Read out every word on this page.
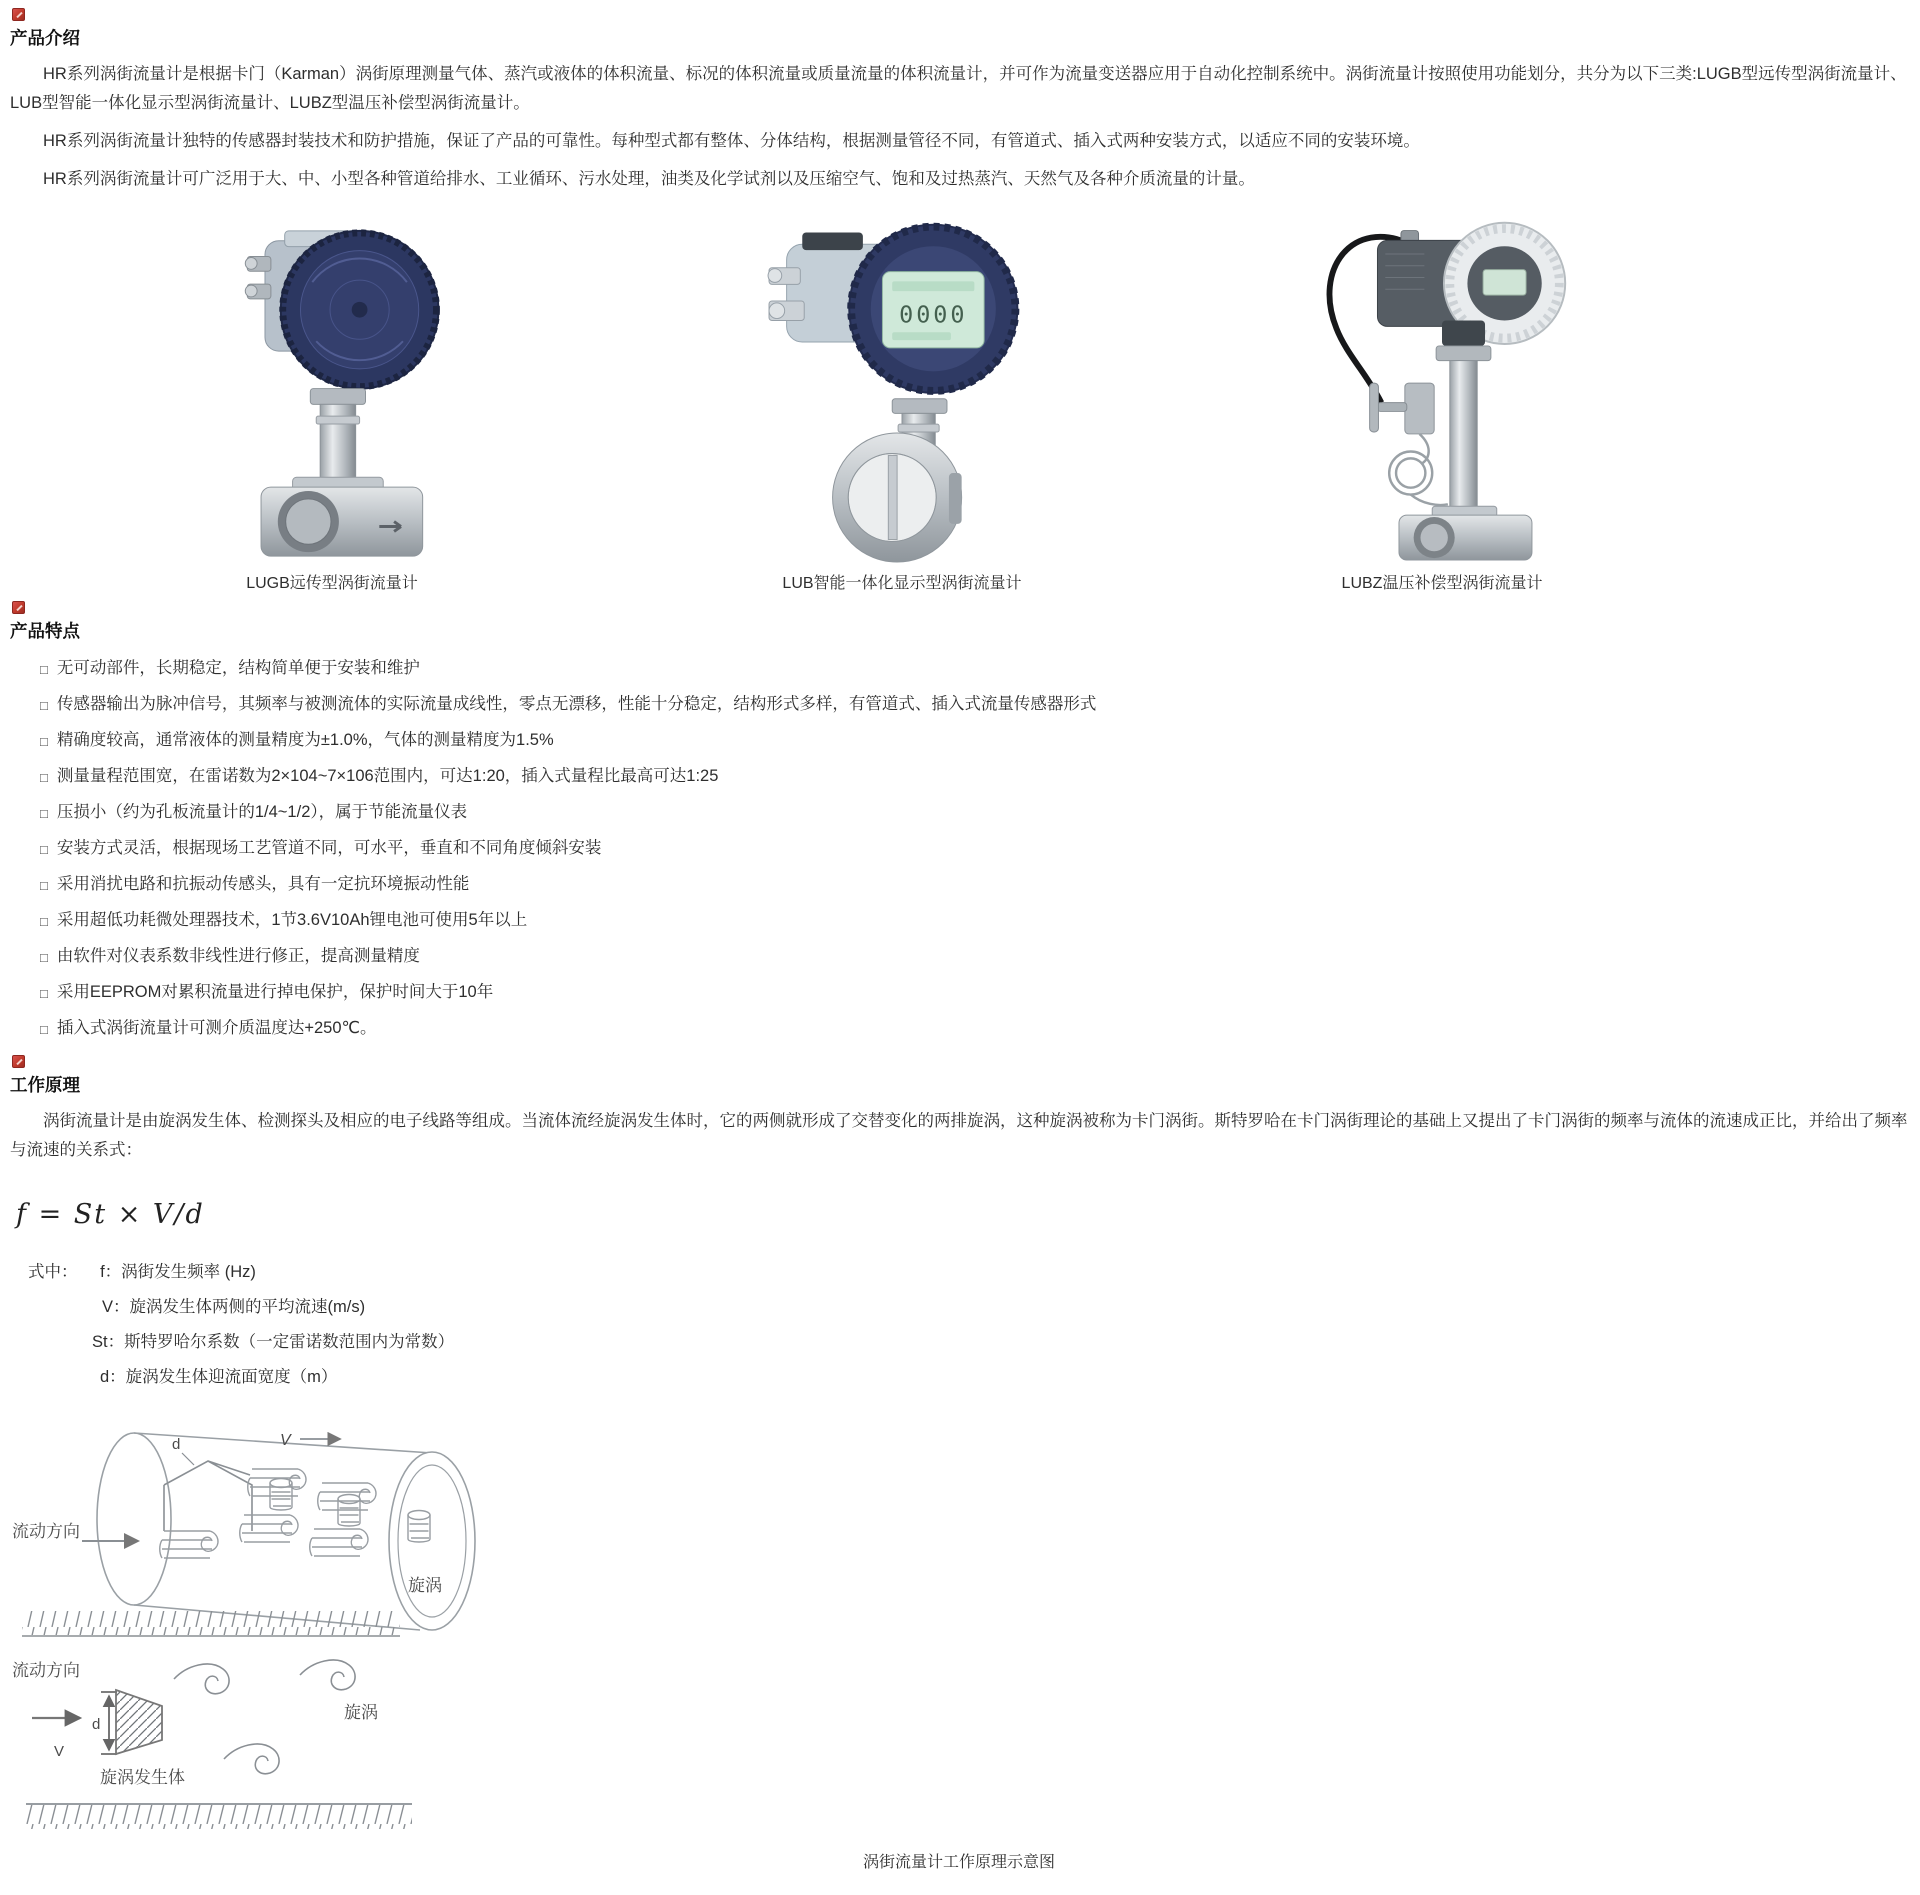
产品介绍

HR系列涡街流量计是根据卡门（Karman）涡街原理测量气体、蒸汽或液体的体积流量、标况的体积流量或质量流量的体积流量计，并可作为流量变送器应用于自动化控制系统中。涡街流量计按照使用功能划分，共分为以下三类:LUGB型远传型涡街流量计、LUB型智能一体化显示型涡街流量计、LUBZ型温压补偿型涡街流量计。

HR系列涡街流量计独特的传感器封装技术和防护措施，保证了产品的可靠性。每种型式都有整体、分体结构，根据测量管径不同，有管道式、插入式两种安装方式，以适应不同的安装环境。

HR系列涡街流量计可广泛用于大、中、小型各种管道给排水、工业循环、污水处理，油类及化学试剂以及压缩空气、饱和及过热蒸汽、天然气及各种介质流量的计量。

LUGB远传型涡街流量计
0000
LUB智能一体化显示型涡街流量计	LUBZ温压补偿型涡街流量计
产品特点
□ 无可动部件，长期稳定，结构简单便于安装和维护
□ 传感器输出为脉冲信号，其频率与被测流体的实际流量成线性，零点无漂移，性能十分稳定，结构形式多样，有管道式、插入式流量传感器形式
□ 精确度较高，通常液体的测量精度为±1.0%，气体的测量精度为1.5%
□ 测量量程范围宽，在雷诺数为2×104~7×106范围内，可达1:20，插入式量程比最高可达1:25
□ 压损小（约为孔板流量计的1/4~1/2），属于节能流量仪表
□ 安装方式灵活，根据现场工艺管道不同，可水平，垂直和不同角度倾斜安装
□ 采用消扰电路和抗振动传感头，具有一定抗环境振动性能
□ 采用超低功耗微处理器技术，1节3.6V10Ah锂电池可使用5年以上
□ 由软件对仪表系数非线性进行修正，提高测量精度
□ 采用EEPROM对累积流量进行掉电保护，保护时间大于10年
□ 插入式涡街流量计可测介质温度达+250℃。
工作原理

涡街流量计是由旋涡发生体、检测探头及相应的电子线路等组成。当流体流经旋涡发生体时，它的两侧就形成了交替变化的两排旋涡，这种旋涡被称为卡门涡街。斯特罗哈在卡门涡街理论的基础上又提出了卡门涡街的频率与流体的流速成正比，并给出了频率与流速的关系式：

f = St × V/d
式中： f：涡街发生频率 (Hz)
V：旋涡发生体两侧的平均流速(m/s)
St：斯特罗哈尔系数（一定雷诺数范围内为常数）
d：旋涡发生体迎流面宽度（m）
流动方向
d	V
旋涡
流动方向
V
d
旋涡发生体
旋涡
涡街流量计工作原理示意图
